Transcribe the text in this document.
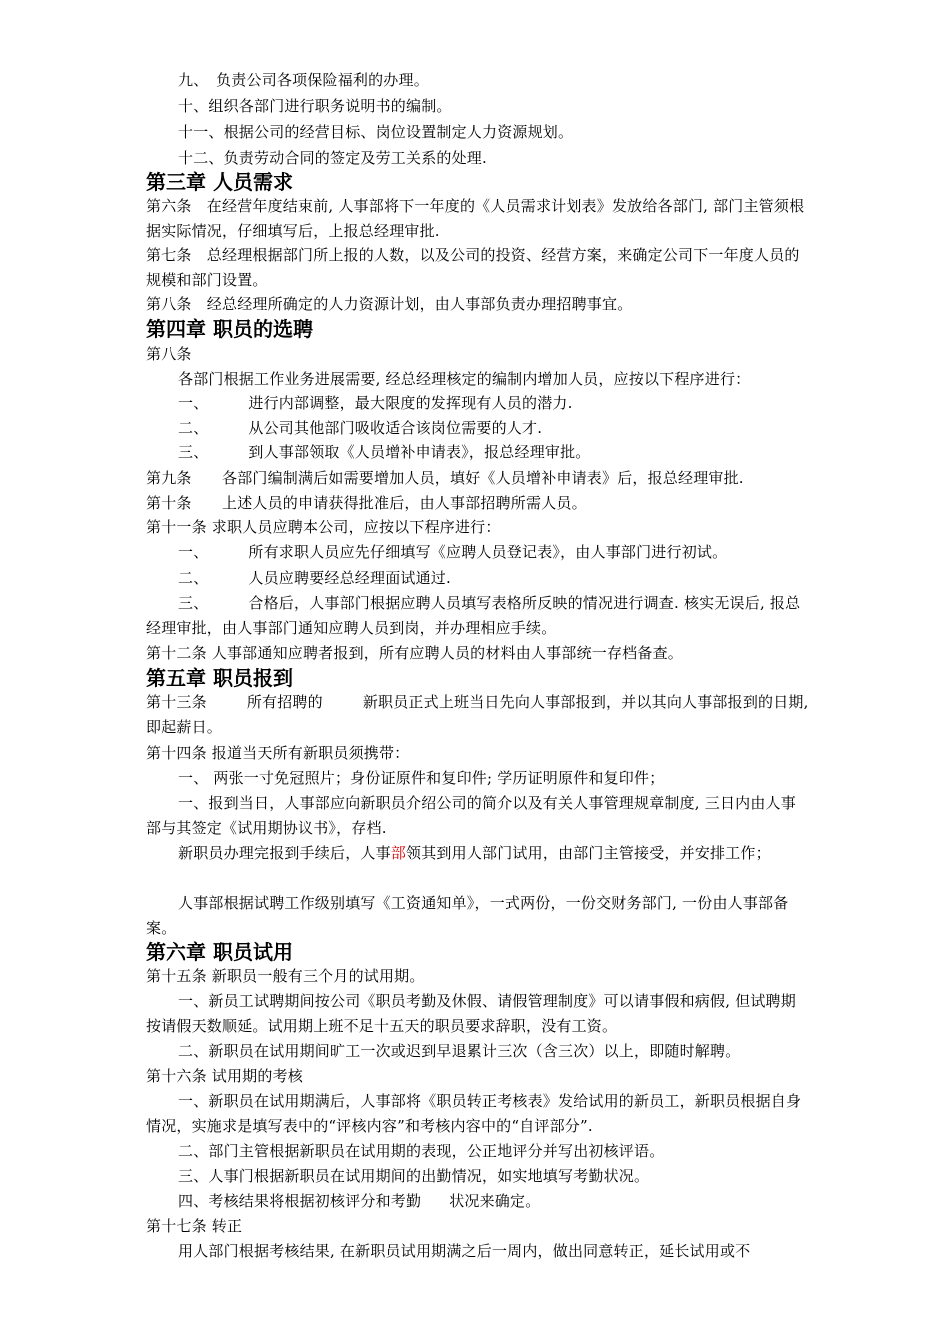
九、　负责公司各项保险福利的办理。
十、组织各部门进行职务说明书的编制。
十一、根据公司的经营目标、岗位设置制定人力资源规划。
十二、负责劳动合同的签定及劳工关系的处理.
第三章 人员需求
第六条　在经营年度结束前, 人事部将下一年度的《人员需求计划表》发放给各部门, 部门主管须根据实际情况，仔细填写后，上报总经理审批.
第七条　总经理根据部门所上报的人数，以及公司的投资、经营方案，来确定公司下一年度人员的规模和部门设置。
第八条　经总经理所确定的人力资源计划，由人事部负责办理招聘事宜。
第四章 职员的选聘
第八条
各部门根据工作业务进展需要, 经总经理核定的编制内增加人员，应按以下程序进行：
一、	进行内部调整，最大限度的发挥现有人员的潜力.
二、	从公司其他部门吸收适合该岗位需要的人才.
三、	到人事部领取《人员增补申请表》，报总经理审批。
第九条　　各部门编制满后如需要增加人员，填好《人员增补申请表》后，报总经理审批.
第十条　　上述人员的申请获得批准后，由人事部招聘所需人员。
第十一条 求职人员应聘本公司，应按以下程序进行：
一、	所有求职人员应先仔细填写《应聘人员登记表》，由人事部门进行初试。
二、	人员应聘要经总经理面试通过.
三、	合格后，人事部门根据应聘人员填写表格所反映的情况进行调查. 核实无误后, 报总经理审批，由人事部门通知应聘人员到岗，并办理相应手续。
第十二条 人事部通知应聘者报到，所有应聘人员的材料由人事部统一存档备查。
第五章 职员报到
第十三条	所有招聘的	新职员正式上班当日先向人事部报到，并以其向人事部报到的日期, 即起薪日。
第十四条 报道当天所有新职员须携带：
一、 两张一寸免冠照片；身份证原件和复印件; 学历证明原件和复印件；
一、报到当日，人事部应向新职员介绍公司的简介以及有关人事管理规章制度, 三日内由人事部与其签定《试用期协议书》，存档.
新职员办理完报到手续后，人事部领其到用人部门试用，由部门主管接受，并安排工作；
人事部根据试聘工作级别填写《工资通知单》，一式两份，一份交财务部门, 一份由人事部备案。
第六章 职员试用
第十五条 新职员一般有三个月的试用期。
一、新员工试聘期间按公司《职员考勤及休假、请假管理制度》可以请事假和病假, 但试聘期按请假天数顺延。试用期上班不足十五天的职员要求辞职，没有工资。
二、新职员在试用期间旷工一次或迟到早退累计三次（含三次）以上，即随时解聘。
第十六条 试用期的考核
一、新职员在试用期满后，人事部将《职员转正考核表》发给试用的新员工，新职员根据自身情况，实施求是填写表中的“评核内容”和考核内容中的“自评部分”.
二、部门主管根据新职员在试用期的表现，公正地评分并写出初核评语。
三、人事门根据新职员在试用期间的出勤情况，如实地填写考勤状况。
四、考核结果将根据初核评分和考勤 状况来确定。
第十七条 转正
用人部门根据考核结果, 在新职员试用期满之后一周内，做出同意转正，延长试用或不
